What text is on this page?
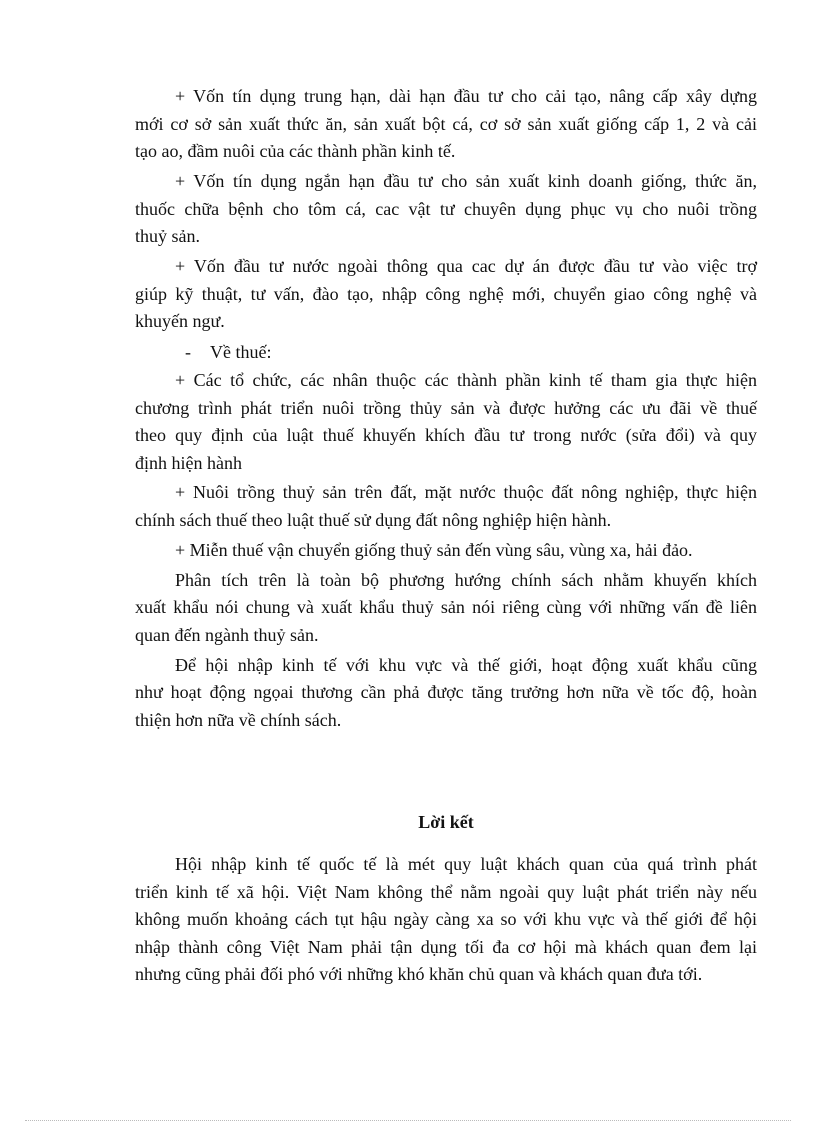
+ Vốn tín dụng trung hạn, dài hạn đầu tư cho cải tạo, nâng cấp xây dựng
mới cơ sở sản xuất thức ăn, sản xuất bột cá, cơ sở sản xuất giống cấp 1, 2 và cải
tạo ao, đầm nuôi của các thành phần kinh tế.
+ Vốn tín dụng ngắn hạn đầu tư cho sản xuất kinh doanh giống, thức ăn,
thuốc chữa bệnh cho tôm cá, cac vật tư chuyên dụng phục vụ cho nuôi trồng
thuỷ sản.
+ Vốn đầu tư nước ngoài thông qua cac dự án được đầu tư vào việc trợ
giúp kỹ thuật, tư vấn, đào tạo, nhập công nghệ mới, chuyển giao công nghệ và
khuyến ngư.
- Về thuế:
+ Các tổ chức, các nhân thuộc các thành phần kinh tế tham gia thực hiện
chương trình phát triển nuôi trồng thủy sản và được hưởng các ưu đãi về thuế
theo quy định của luật thuế khuyến khích đầu tư trong nước (sửa đổi) và quy
định hiện hành
+ Nuôi trồng thuỷ sản trên đất, mặt nước thuộc đất nông nghiệp, thực hiện
chính sách thuế theo luật thuế sử dụng đất nông nghiệp hiện hành.
+ Miễn thuế vận chuyển giống thuỷ sản đến vùng sâu, vùng xa, hải đảo.
Phân tích trên là toàn bộ phương hướng chính sách nhằm khuyến khích
xuất khẩu nói chung và xuất khẩu thuỷ sản nói riêng cùng với những vấn đề liên
quan đến ngành thuỷ sản.
Để hội nhập kinh tế với khu vực và thế giới, hoạt động xuất khẩu cũng
như hoạt động ngọai thương cần phả được tăng trưởng hơn nữa về tốc độ, hoàn
thiện hơn nữa về chính sách.
Lời kết
Hội nhập kinh tế quốc tế là mét quy luật khách quan của quá trình phát
triển kinh tế xã hội. Việt Nam không thể nằm ngoài quy luật phát triển này nếu
không muốn khoảng cách tụt hậu ngày càng xa so với khu vực và thế giới để hội
nhập thành công Việt Nam phải tận dụng tối đa cơ hội mà khách quan đem lại
nhưng cũng phải đối phó với những khó khăn chủ quan và khách quan đưa tới.
